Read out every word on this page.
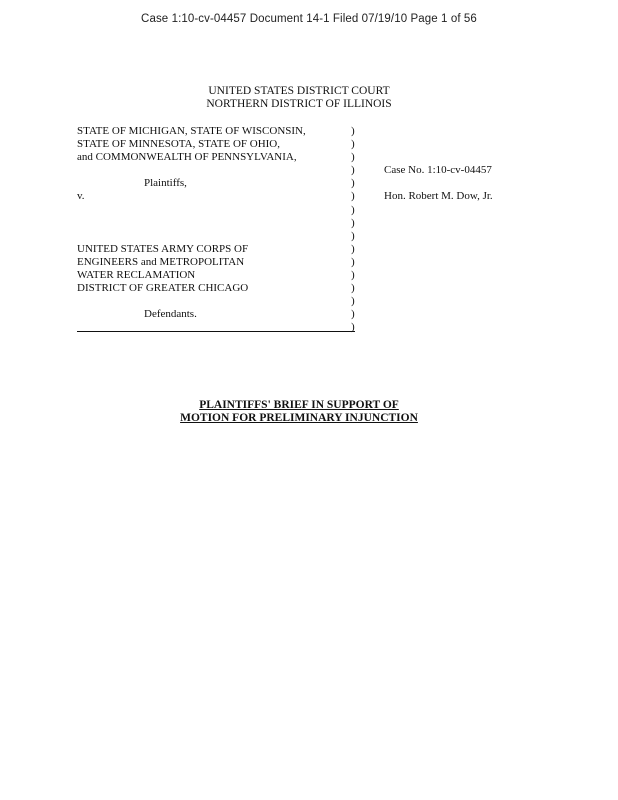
Case 1:10-cv-04457 Document 14-1 Filed 07/19/10 Page 1 of 56
UNITED STATES DISTRICT COURT
NORTHERN DISTRICT OF ILLINOIS
STATE OF MICHIGAN, STATE OF WISCONSIN,
STATE OF MINNESOTA, STATE OF OHIO,
and COMMONWEALTH OF PENNSYLVANIA,
Plaintiffs,
v.
UNITED STATES ARMY CORPS OF
ENGINEERS and METROPOLITAN
WATER RECLAMATION
DISTRICT OF GREATER CHICAGO
Defendants.
)
)
)
)
)
)
)
)
)
)
)
)
)
)
)
)
Case No. 1:10-cv-04457
Hon. Robert M. Dow, Jr.
PLAINTIFFS' BRIEF IN SUPPORT OF
MOTION FOR PRELIMINARY INJUNCTION
